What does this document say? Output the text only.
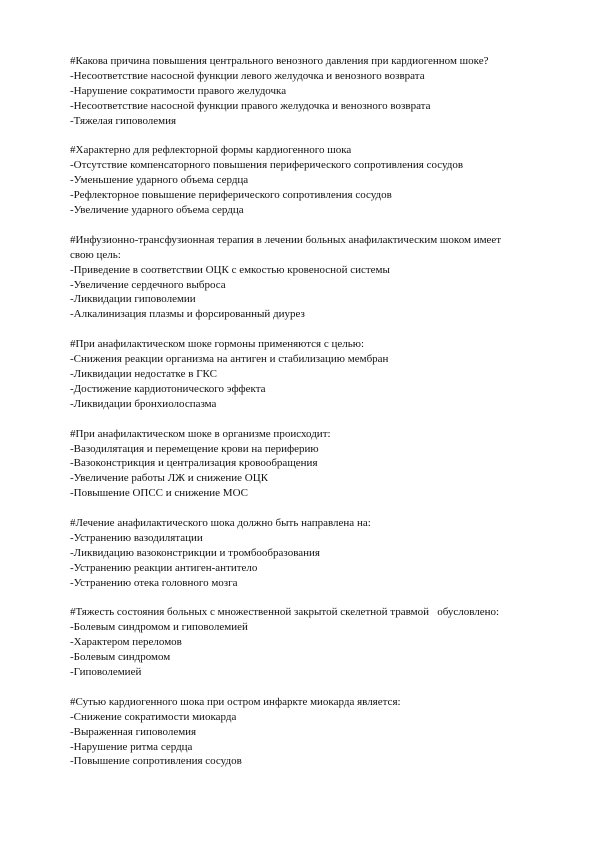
#Какова причина повышения центрального венозного давления при кардиогенном шоке?
-Несоответствие насосной функции левого желудочка и венозного возврата
-Нарушение сократимости правого желудочка
-Несоответствие насосной функции правого желудочка и венозного возврата
-Тяжелая гиповолемия
#Характерно для рефлекторной формы кардиогенного шока
-Отсутствие компенсаторного повышения периферического сопротивления сосудов
-Уменьшение ударного объема сердца
-Рефлекторное повышение периферического сопротивления сосудов
-Увеличение ударного объема сердца
#Инфузионно-трансфузионная терапия в лечении больных анафилактическим шоком имеет
свою цель:
-Приведение в соответствии ОЦК с емкостью кровеносной системы
-Увеличение сердечного выброса
-Ликвидации гиповолемии
-Алкалинизация плазмы и форсированный диурез
#При анафилактическом шоке гормоны применяются с целью:
-Снижения реакции организма на антиген и стабилизацию мембран
-Ликвидации недостатке в ГКС
-Достижение кардиотонического эффекта
-Ликвидации бронхиолоспазма
#При анафилактическом шоке в организме происходит:
-Вазодилятация и перемещение крови на периферию
-Вазоконстрикция и централизация кровообращения
-Увеличение работы ЛЖ и снижение ОЦК
-Повышение ОПСС и снижение МОС
#Лечение анафилактического шока должно быть направлена на:
-Устранению вазодилятации
-Ликвидацию вазоконстрикции и тромбообразования
-Устранению реакции антиген-антитело
-Устранению отека головного мозга
#Тяжесть состояния больных с множественной закрытой скелетной травмой   обусловлено:
-Болевым синдромом и гиповолемией
-Характером переломов
-Болевым синдромом
-Гиповолемией
#Сутью кардиогенного шока при остром инфаркте миокарда является:
-Снижение сократимости миокарда
-Выраженная гиповолемия
-Нарушение ритма сердца
-Повышение сопротивления сосудов
